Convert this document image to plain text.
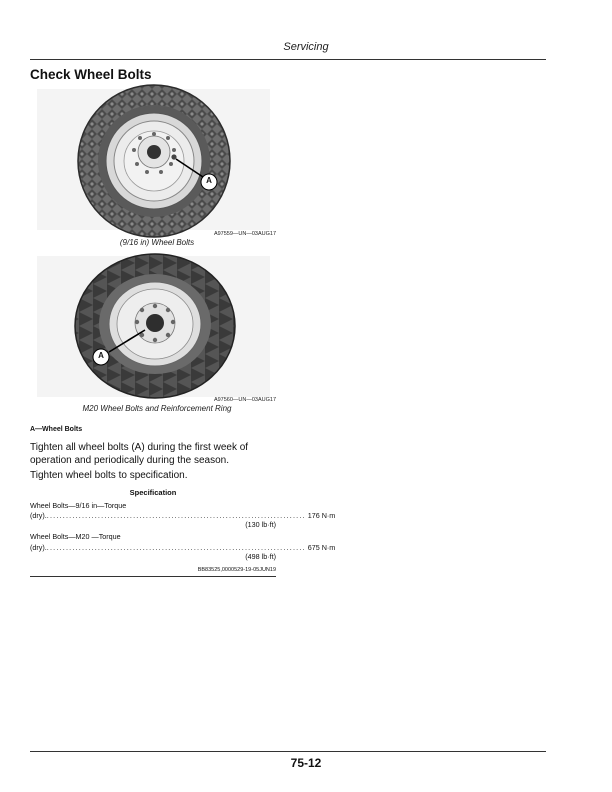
Servicing
Check Wheel Bolts
A
A97559—UN—03AUG17
(9/16 in) Wheel Bolts
A
A97560—UN—03AUG17
M20 Wheel Bolts and Reinforcement Ring
A—Wheel Bolts
Tighten all wheel bolts (A) during the first week of operation and periodically during the season.
Tighten wheel bolts to specification.
Specification
Wheel Bolts—9/16 in—Torque
(dry). ................................................................................. 176 N·m
(130 lb·ft)
Wheel Bolts—M20 —Torque
(dry). ................................................................................. 675 N·m
(498 lb·ft)
BB83525,0000529-19-05JUN19
75-12
